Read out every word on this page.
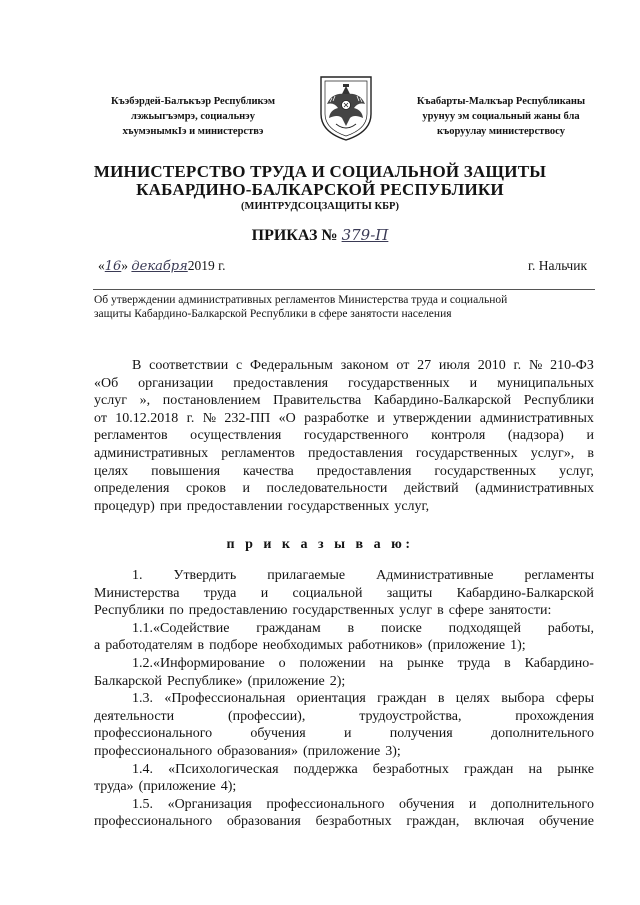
Къэбэрдей-Балъкъэр Республикэм
лэжьыгъэмрэ, социальнэу
хъумэнымкIэ и министерствэ
Къабарты-Малкъар Республиканы
урунуу эм социальный жаны бла
къоруулау министерствосу
МИНИСТЕРСТВО ТРУДА И СОЦИАЛЬНОЙ ЗАЩИТЫ
КАБАРДИНО-БАЛКАРСКОЙ РЕСПУБЛИКИ
(МИНТРУДСОЦЗАЩИТЫ КБР)
ПРИКАЗ № 379-П
«16» декабря2019 г.	г. Нальчик
Об утверждении административных регламентов Министерства труда и социальной
защиты Кабардино-Балкарской Республики в сфере занятости населения
В соответствии с Федеральным законом от 27 июля 2010 г. № 210-ФЗ
«Об организации предоставления государственных и муниципальных
услуг », постановлением Правительства Кабардино-Балкарской Республики
от 10.12.2018 г. № 232-ПП «О разработке и утверждении административных
регламентов осуществления государственного контроля (надзора) и
административных регламентов предоставления государственных услуг», в
целях повышения качества предоставления государственных услуг,
определения сроков и последовательности действий (административных
процедур) при предоставлении государственных услуг,
п р и к а з ы в а ю:
1. Утвердить прилагаемые Административные регламенты
Министерства труда и социальной защиты Кабардино-Балкарской
Республики по предоставлению государственных услуг в сфере занятости:
1.1.«Содействие гражданам в поиске подходящей работы,
а работодателям в подборе необходимых работников» (приложение 1);
1.2.«Информирование о положении на рынке труда в Кабардино-
Балкарской Республике» (приложение 2);
1.3. «Профессиональная ориентация граждан в целях выбора сферы
деятельности	(профессии),	трудоустройства,	прохождения
профессионального	обучения	и	получения	дополнительного
профессионального образования» (приложение 3);
1.4. «Психологическая поддержка безработных граждан на рынке
труда» (приложение 4);
1.5. «Организация профессионального обучения и дополнительного
профессионального образования безработных граждан, включая обучение
